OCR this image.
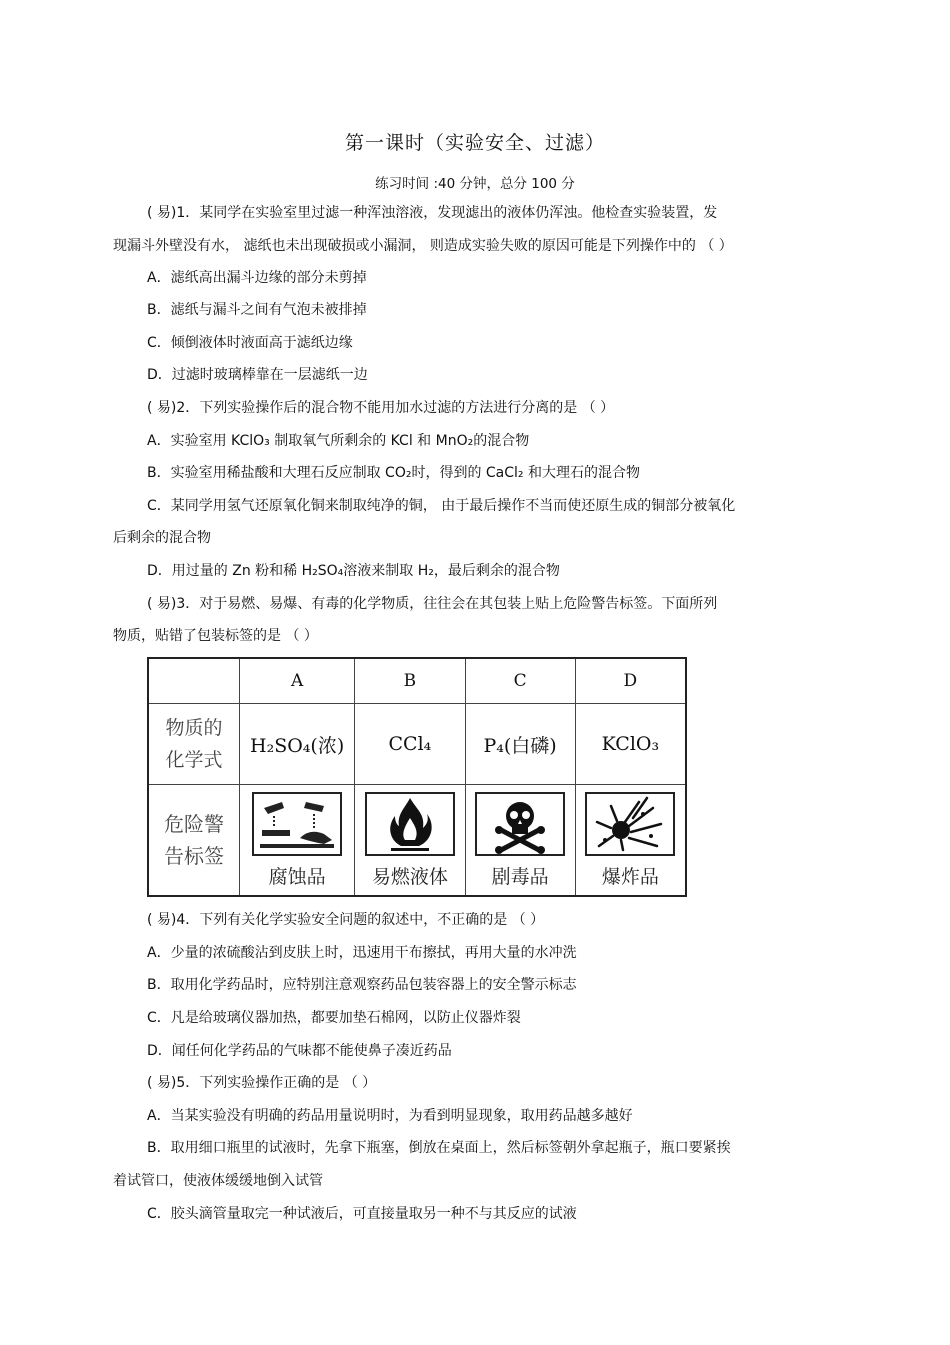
第一课时（实验安全、过滤）
练习时间 :40 分钟，总分 100 分
( 易)1．某同学在实验室里过滤一种浑浊溶液，发现滤出的液体仍浑浊。他检查实验装置，发
现漏斗外壁没有水， 滤纸也未出现破损或小漏洞， 则造成实验失败的原因可能是下列操作中的 （ ）
A．滤纸高出漏斗边缘的部分未剪掉
B．滤纸与漏斗之间有气泡未被排掉
C．倾倒液体时液面高于滤纸边缘
D．过滤时玻璃棒靠在一层滤纸一边
( 易)2．下列实验操作后的混合物不能用加水过滤的方法进行分离的是 （ ）
A．实验室用 KClO₃ 制取氧气所剩余的 KCl 和 MnO₂的混合物
B．实验室用稀盐酸和大理石反应制取 CO₂时，得到的 CaCl₂ 和大理石的混合物
C．某同学用氢气还原氧化铜来制取纯净的铜， 由于最后操作不当而使还原生成的铜部分被氧化
后剩余的混合物
D．用过量的 Zn 粉和稀 H₂SO₄溶液来制取 H₂，最后剩余的混合物
( 易)3．对于易燃、易爆、有毒的化学物质，往往会在其包装上贴上危险警告标签。下面所列
物质，贴错了包装标签的是 （ ）
	A	B	C	D
物质的化学式	H₂SO₄(浓)	CCl₄	P₄(白磷)	KClO₃
危险警告标签	腐蚀品	易燃液体	剧毒品	爆炸品
( 易)4．下列有关化学实验安全问题的叙述中，不正确的是 （ ）
A．少量的浓硫酸沾到皮肤上时，迅速用干布擦拭，再用大量的水冲洗
B．取用化学药品时，应特别注意观察药品包装容器上的安全警示标志
C．凡是给玻璃仪器加热，都要加垫石棉网，以防止仪器炸裂
D．闻任何化学药品的气味都不能使鼻子凑近药品
( 易)5．下列实验操作正确的是 （ ）
A．当某实验没有明确的药品用量说明时，为看到明显现象，取用药品越多越好
B．取用细口瓶里的试液时，先拿下瓶塞，倒放在桌面上，然后标签朝外拿起瓶子，瓶口要紧挨
着试管口，使液体缓缓地倒入试管
C．胶头滴管量取完一种试液后，可直接量取另一种不与其反应的试液
